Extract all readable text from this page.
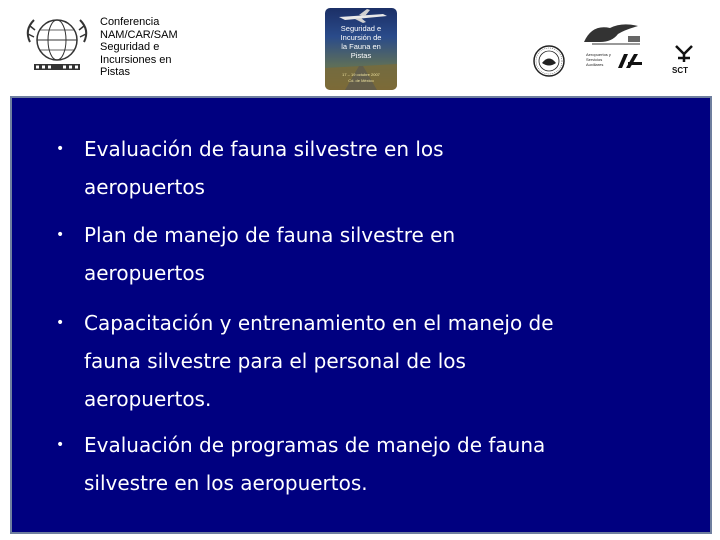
Conferencia
NAM/CAR/SAM
Seguridad e
Incursiones en
Pistas
Seguridad e
Incursión de
la Fauna en
Pistas
17 – 19 octubre 2007
Cd. de México
Aeropuertos y
Servicios
Auxiliares
SCT
• Evaluación de fauna silvestre en los
aeropuertos
• Plan de manejo de fauna silvestre en
aeropuertos
• Capacitación y entrenamiento en el manejo de
fauna silvestre para el personal de los
aeropuertos.
• Evaluación de programas de manejo de fauna
silvestre en los aeropuertos.
